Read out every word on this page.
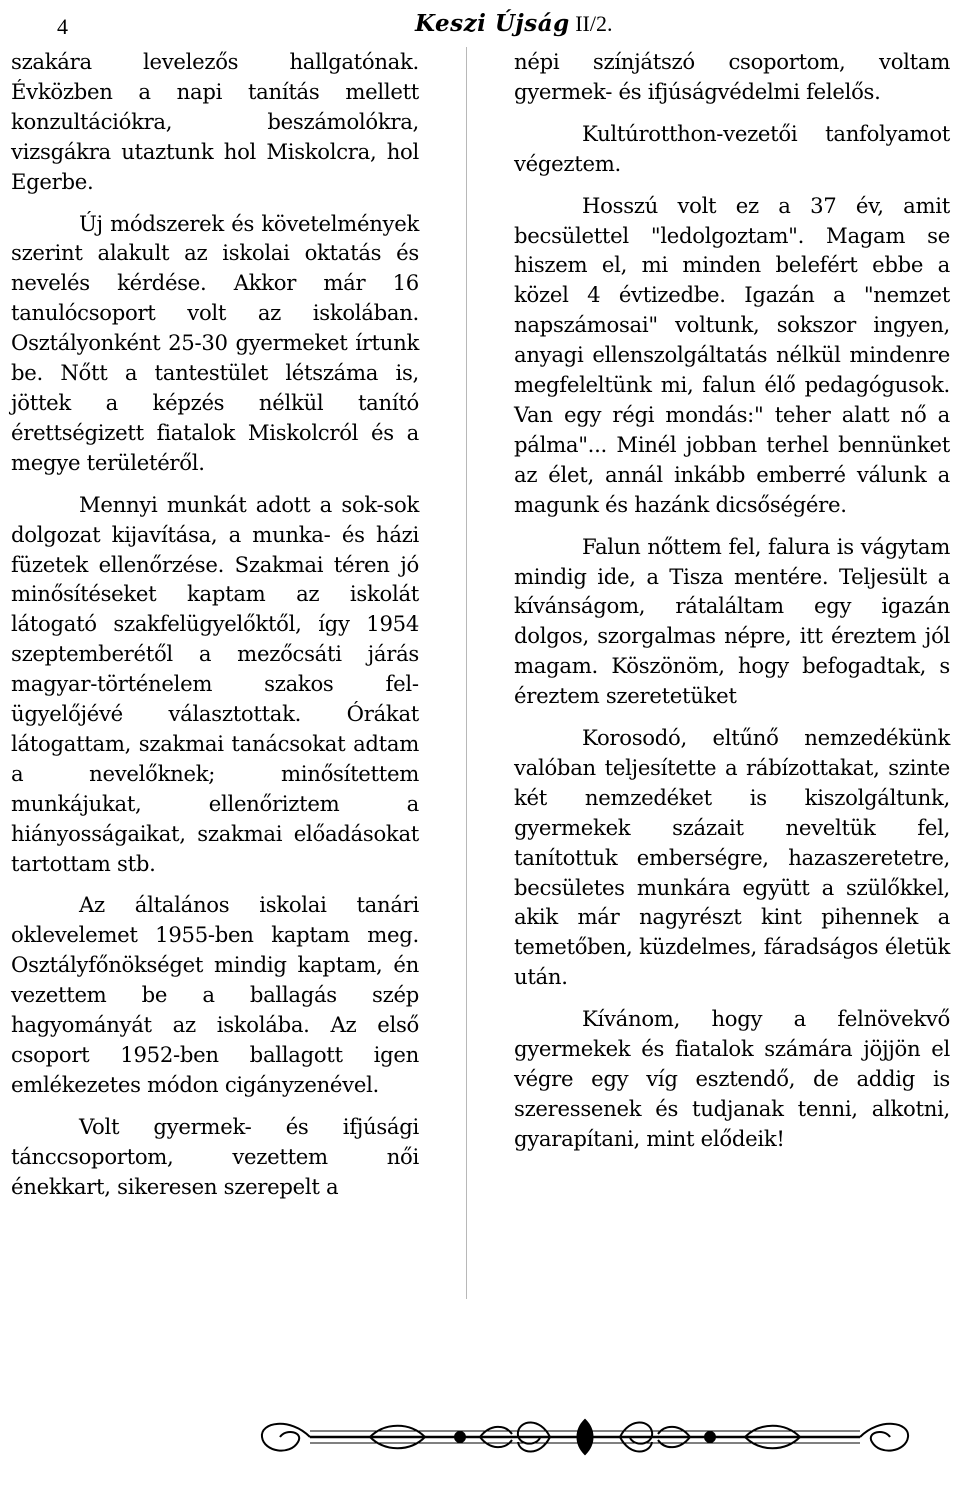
4	Keszi Újság II/2.

szakára levelezős hallgatónak. Évközben a napi tanítás mellett konzultációkra, beszámolókra, vizsgákra utaztunk hol Miskolcra, hol Egerbe.

Új módszerek és követelmények szerint alakult az iskolai oktatás és nevelés kérdése. Akkor már 16 tanulócsoport volt az iskolában. Osztályonként 25-30 gyermeket írtunk be. Nőtt a tantestület létszáma is, jöttek a képzés nélkül tanító érettségizett fiatalok Miskolcról és a megye területéről.

Mennyi munkát adott a sok-sok dolgozat kijavítása, a munka- és házi füzetek ellenőrzése. Szakmai téren jó minősítéseket kaptam az iskolát látogató szakfelügyelőktől, így 1954 szeptemberétől a mezőcsáti járás magyar-történelem szakos felügyelőjévé választottak. Órákat látogattam, szakmai tanácsokat adtam a nevelőknek; minősítettem munkájukat, ellenőriztem a hiányosságaikat, szakmai előadásokat tartottam stb.

Az általános iskolai tanári oklevelemet 1955-ben kaptam meg. Osztályfőnökséget mindig kaptam, én vezettem be a ballagás szép hagyományát az iskolába. Az első csoport 1952-ben ballagott igen emlékezetes módon cigányzenével.

Volt gyermek- és ifjúsági tánccsoportom, vezettem női énekkart, sikeresen szerepelt a

népi színjátszó csoportom, voltam gyermek- és ifjúságvédelmi felelős.

Kultúrotthon-vezetői tanfolyamot végeztem.

Hosszú volt ez a 37 év, amit becsülettel "ledolgoztam". Magam se hiszem el, mi minden belefért ebbe a közel 4 évtizedbe. Igazán a "nemzet napszámosai" voltunk, sokszor ingyen, anyagi ellenszolgáltatás nélkül mindenre megfeleltünk mi, falun élő pedagógusok. Van egy régi mondás:" teher alatt nő a pálma"... Minél jobban terhel bennünket az élet, annál inkább emberré válunk a magunk és hazánk dicsőségére.

Falun nőttem fel, falura is vágytam mindig ide, a Tisza mentére. Teljesült a kívánságom, rátaláltam egy igazán dolgos, szorgalmas népre, itt éreztem jól magam. Köszönöm, hogy befogadtak, s éreztem szeretetüket

Korosodó, eltűnő nemzedékünk valóban teljesítette a rábízottakat, szinte két nemzedéket is kiszolgáltunk, gyermekek százait neveltük fel, tanítottuk emberségre, hazaszeretetre, becsületes munkára együtt a szülőkkel, akik már nagyrészt kint pihennek a temetőben, küzdelmes, fáradságos életük után.

Kívánom, hogy a felnövekvő gyermekek és fiatalok számára jöjjön el végre egy víg esztendő, de addig is szeressenek és tudjanak tenni, alkotni, gyarapítani, mint elődeik!
